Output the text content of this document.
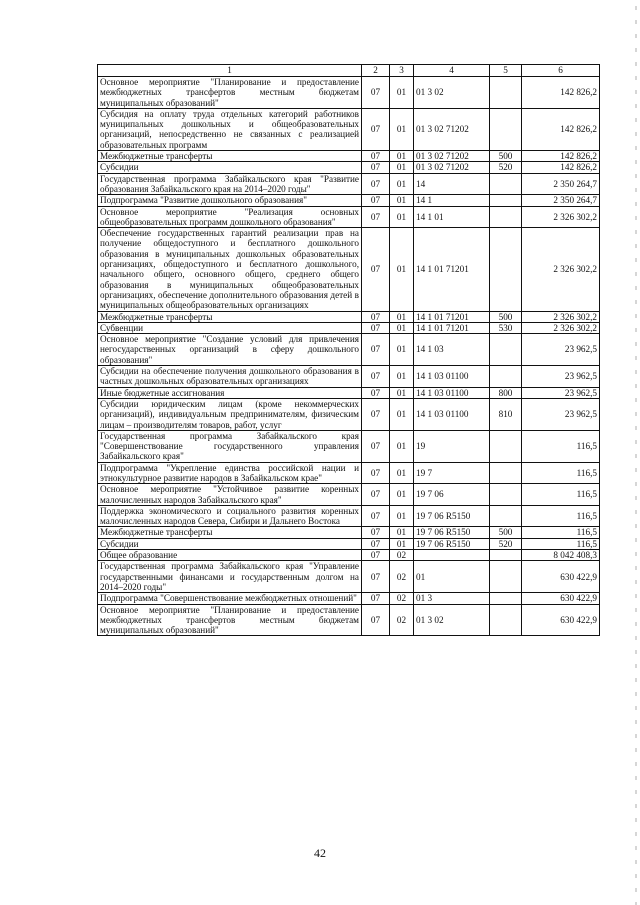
1	2	3	4	5	6
Основное мероприятие "Планирование и предоставление межбюджетных трансфертов местным бюджетам муниципальных образований"	07	01	01 3 02		142 826,2
Субсидия на оплату труда отдельных категорий работников муниципальных дошкольных и общеобразовательных организаций, непосредственно не связанных с реализацией образовательных программ	07	01	01 3 02 71202		142 826,2
Межбюджетные трансферты	07	01	01 3 02 71202	500	142 826,2
Субсидии	07	01	01 3 02 71202	520	142 826,2
Государственная программа Забайкальского края "Развитие образования Забайкальского края на 2014–2020 годы"	07	01	14		2 350 264,7
Подпрограмма "Развитие дошкольного образования"	07	01	14 1		2 350 264,7
Основное мероприятие "Реализация основных общеобразовательных программ дошкольного образования"	07	01	14 1 01		2 326 302,2
Обеспечение государственных гарантий реализации прав на получение общедоступного и бесплатного дошкольного образования в муниципальных дошкольных образовательных организациях, общедоступного и бесплатного дошкольного, начального общего, основного общего, среднего общего образования в муниципальных общеобразовательных организациях, обеспечение дополнительного образования детей в муниципальных общеобразовательных организациях	07	01	14 1 01 71201		2 326 302,2
Межбюджетные трансферты	07	01	14 1 01 71201	500	2 326 302,2
Субвенции	07	01	14 1 01 71201	530	2 326 302,2
Основное мероприятие "Создание условий для привлечения негосударственных организаций в сферу дошкольного образования"	07	01	14 1 03		23 962,5
Субсидии на обеспечение получения дошкольного образования в частных дошкольных образовательных организациях	07	01	14 1 03 01100		23 962,5
Иные бюджетные ассигнования	07	01	14 1 03 01100	800	23 962,5
Субсидии юридическим лицам (кроме некоммерческих организаций), индивидуальным предпринимателям, физическим лицам – производителям товаров, работ, услуг	07	01	14 1 03 01100	810	23 962,5
Государственная программа Забайкальского края "Совершенствование государственного управления Забайкальского края"	07	01	19		116,5
Подпрограмма "Укрепление единства российской нации и этнокультурное развитие народов в Забайкальском крае"	07	01	19 7		116,5
Основное мероприятие "Устойчивое развитие коренных малочисленных народов Забайкальского края"	07	01	19 7 06		116,5
Поддержка экономического и социального развития коренных малочисленных народов Севера, Сибири и Дальнего Востока	07	01	19 7 06 R5150		116,5
Межбюджетные трансферты	07	01	19 7 06 R5150	500	116,5
Субсидии	07	01	19 7 06 R5150	520	116,5
Общее образование	07	02			8 042 408,3
Государственная программа Забайкальского края "Управление государственными финансами и государственным долгом на 2014–2020 годы"	07	02	01		630 422,9
Подпрограмма "Совершенствование межбюджетных отношений"	07	02	01 3		630 422,9
Основное мероприятие "Планирование и предоставление межбюджетных трансфертов местным бюджетам муниципальных образований"	07	02	01 3 02		630 422,9
42
